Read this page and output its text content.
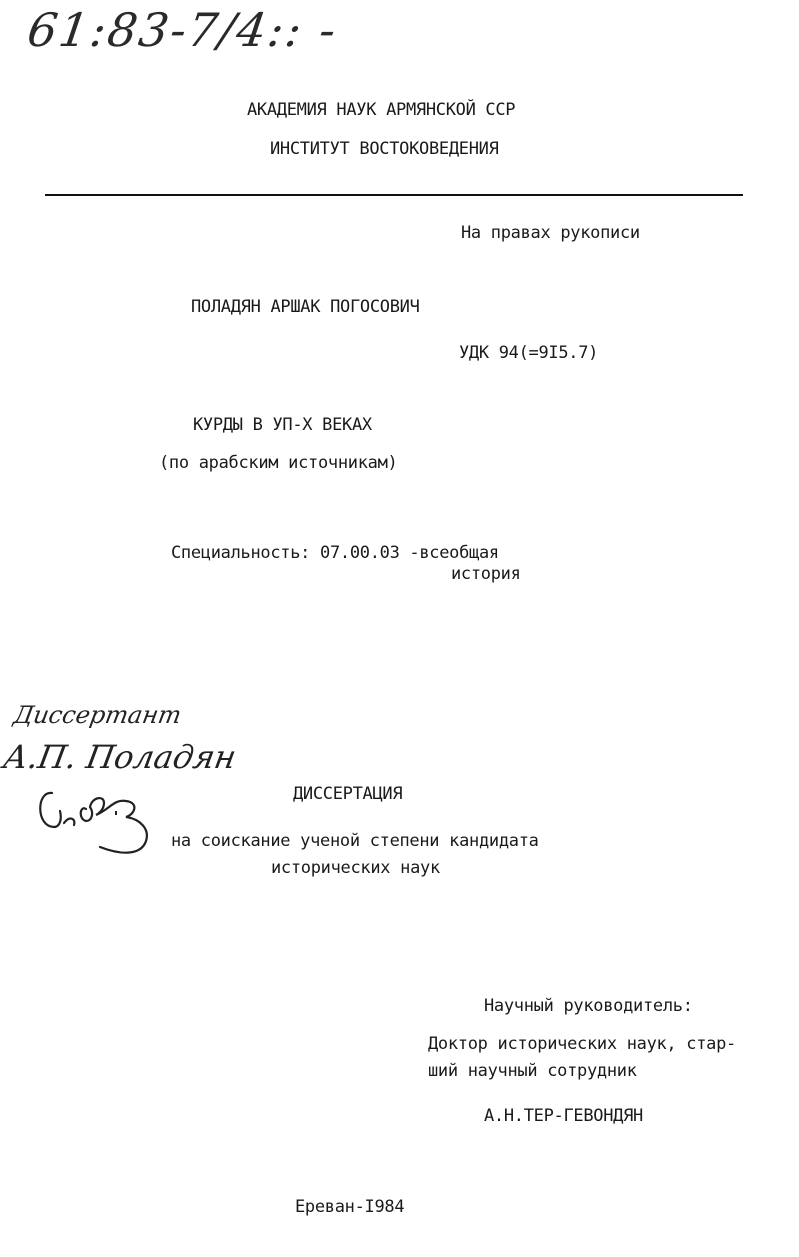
61:83-7/4:: -
АКАДЕМИЯ НАУК АРМЯНСКОЙ ССР
ИНСТИТУТ ВОСТОКОВЕДЕНИЯ
На правах рукописи
ПОЛАДЯН АРШАК ПОГОСОВИЧ
УДК 94(=9I5.7)
КУРДЫ В УП-Х ВЕКАХ
(по арабским источникам)
Специальность: 07.00.03 -всеобщая
история
Диссертант
А.П. Поладян
ДИССЕРТАЦИЯ
на соискание ученой степени кандидата
исторических наук
Научный руководитель:
Доктор исторических наук, стар-
ший научный сотрудник
А.Н.ТЕР-ГЕВОНДЯН
Ереван-I984
